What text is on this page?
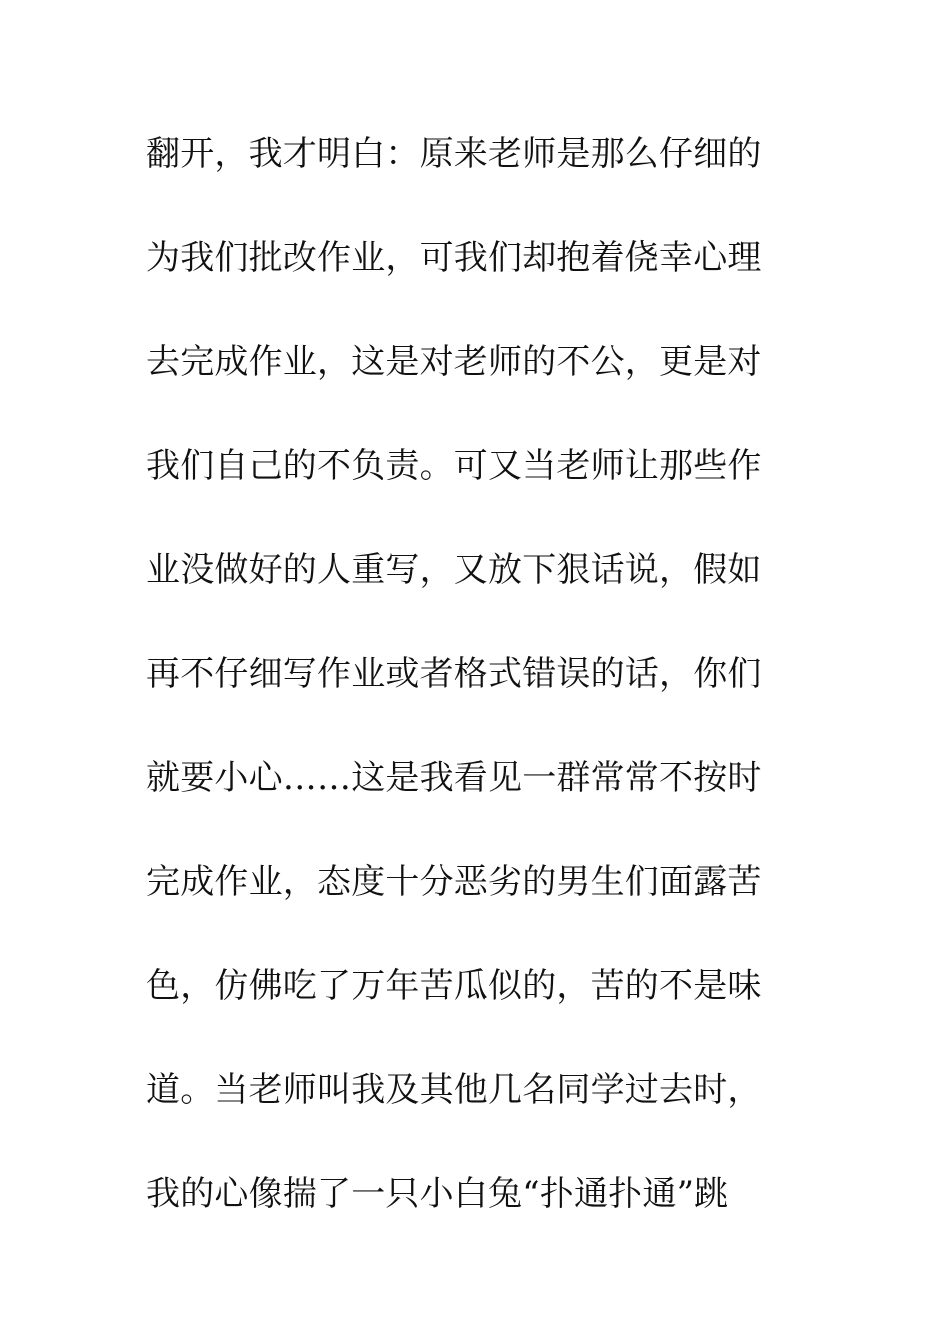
翻开，我才明白：原来老师是那么仔细的
为我们批改作业，可我们却抱着侥幸心理
去完成作业，这是对老师的不公，更是对
我们自己的不负责。可又当老师让那些作
业没做好的人重写，又放下狠话说，假如
再不仔细写作业或者格式错误的话，你们
就要小心……这是我看见一群常常不按时
完成作业，态度十分恶劣的男生们面露苦
色，仿佛吃了万年苦瓜似的，苦的不是味
道。当老师叫我及其他几名同学过去时，
我的心像揣了一只小白兔“扑通扑通”跳
